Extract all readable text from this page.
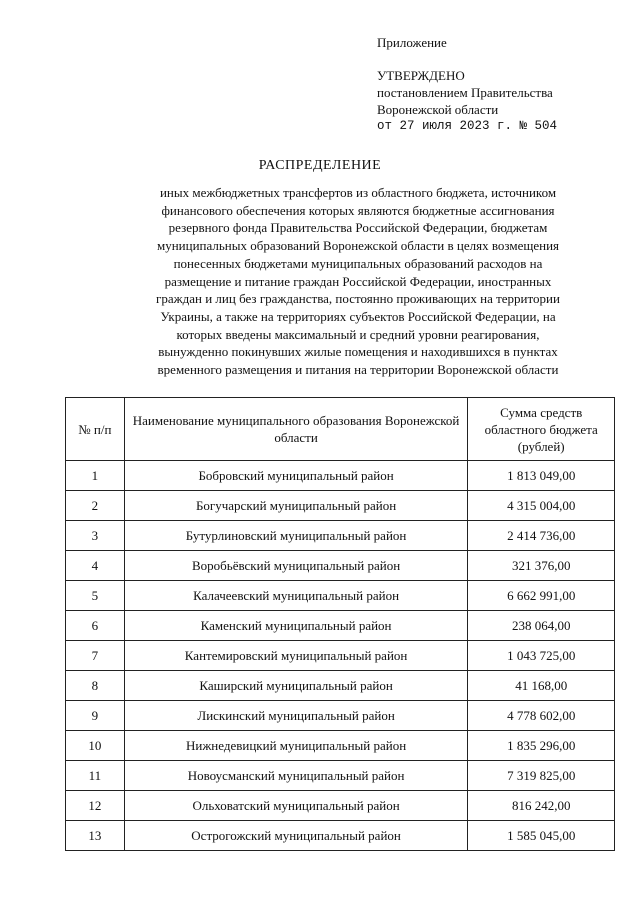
Приложение
УТВЕРЖДЕНО
постановлением Правительства
Воронежской области
от 27 июля 2023 г. № 504
РАСПРЕДЕЛЕНИЕ
иных межбюджетных трансфертов из областного бюджета, источником
финансового обеспечения которых являются бюджетные ассигнования
резервного фонда Правительства Российской Федерации, бюджетам
муниципальных образований Воронежской области в целях возмещения
понесенных бюджетами муниципальных образований расходов на
размещение и питание граждан Российской Федерации, иностранных
граждан и лиц без гражданства, постоянно проживающих на территории
Украины, а также на территориях субъектов Российской Федерации, на
которых введены максимальный и средний уровни реагирования,
вынужденно покинувших жилые помещения и находившихся в пунктах
временного размещения и питания на территории Воронежской области
№ п/п	Наименование муниципального образования Воронежской области	Сумма средств областного бюджета (рублей)
1	Бобровский муниципальный район	1 813 049,00
2	Богучарский муниципальный район	4 315 004,00
3	Бутурлиновский муниципальный район	2 414 736,00
4	Воробьёвский муниципальный район	321 376,00
5	Калачеевский муниципальный район	6 662 991,00
6	Каменский муниципальный район	238 064,00
7	Кантемировский муниципальный район	1 043 725,00
8	Каширский муниципальный район	41 168,00
9	Лискинский муниципальный район	4 778 602,00
10	Нижнедевицкий муниципальный район	1 835 296,00
11	Новоусманский муниципальный район	7 319 825,00
12	Ольховатский муниципальный район	816 242,00
13	Острогожский муниципальный район	1 585 045,00
